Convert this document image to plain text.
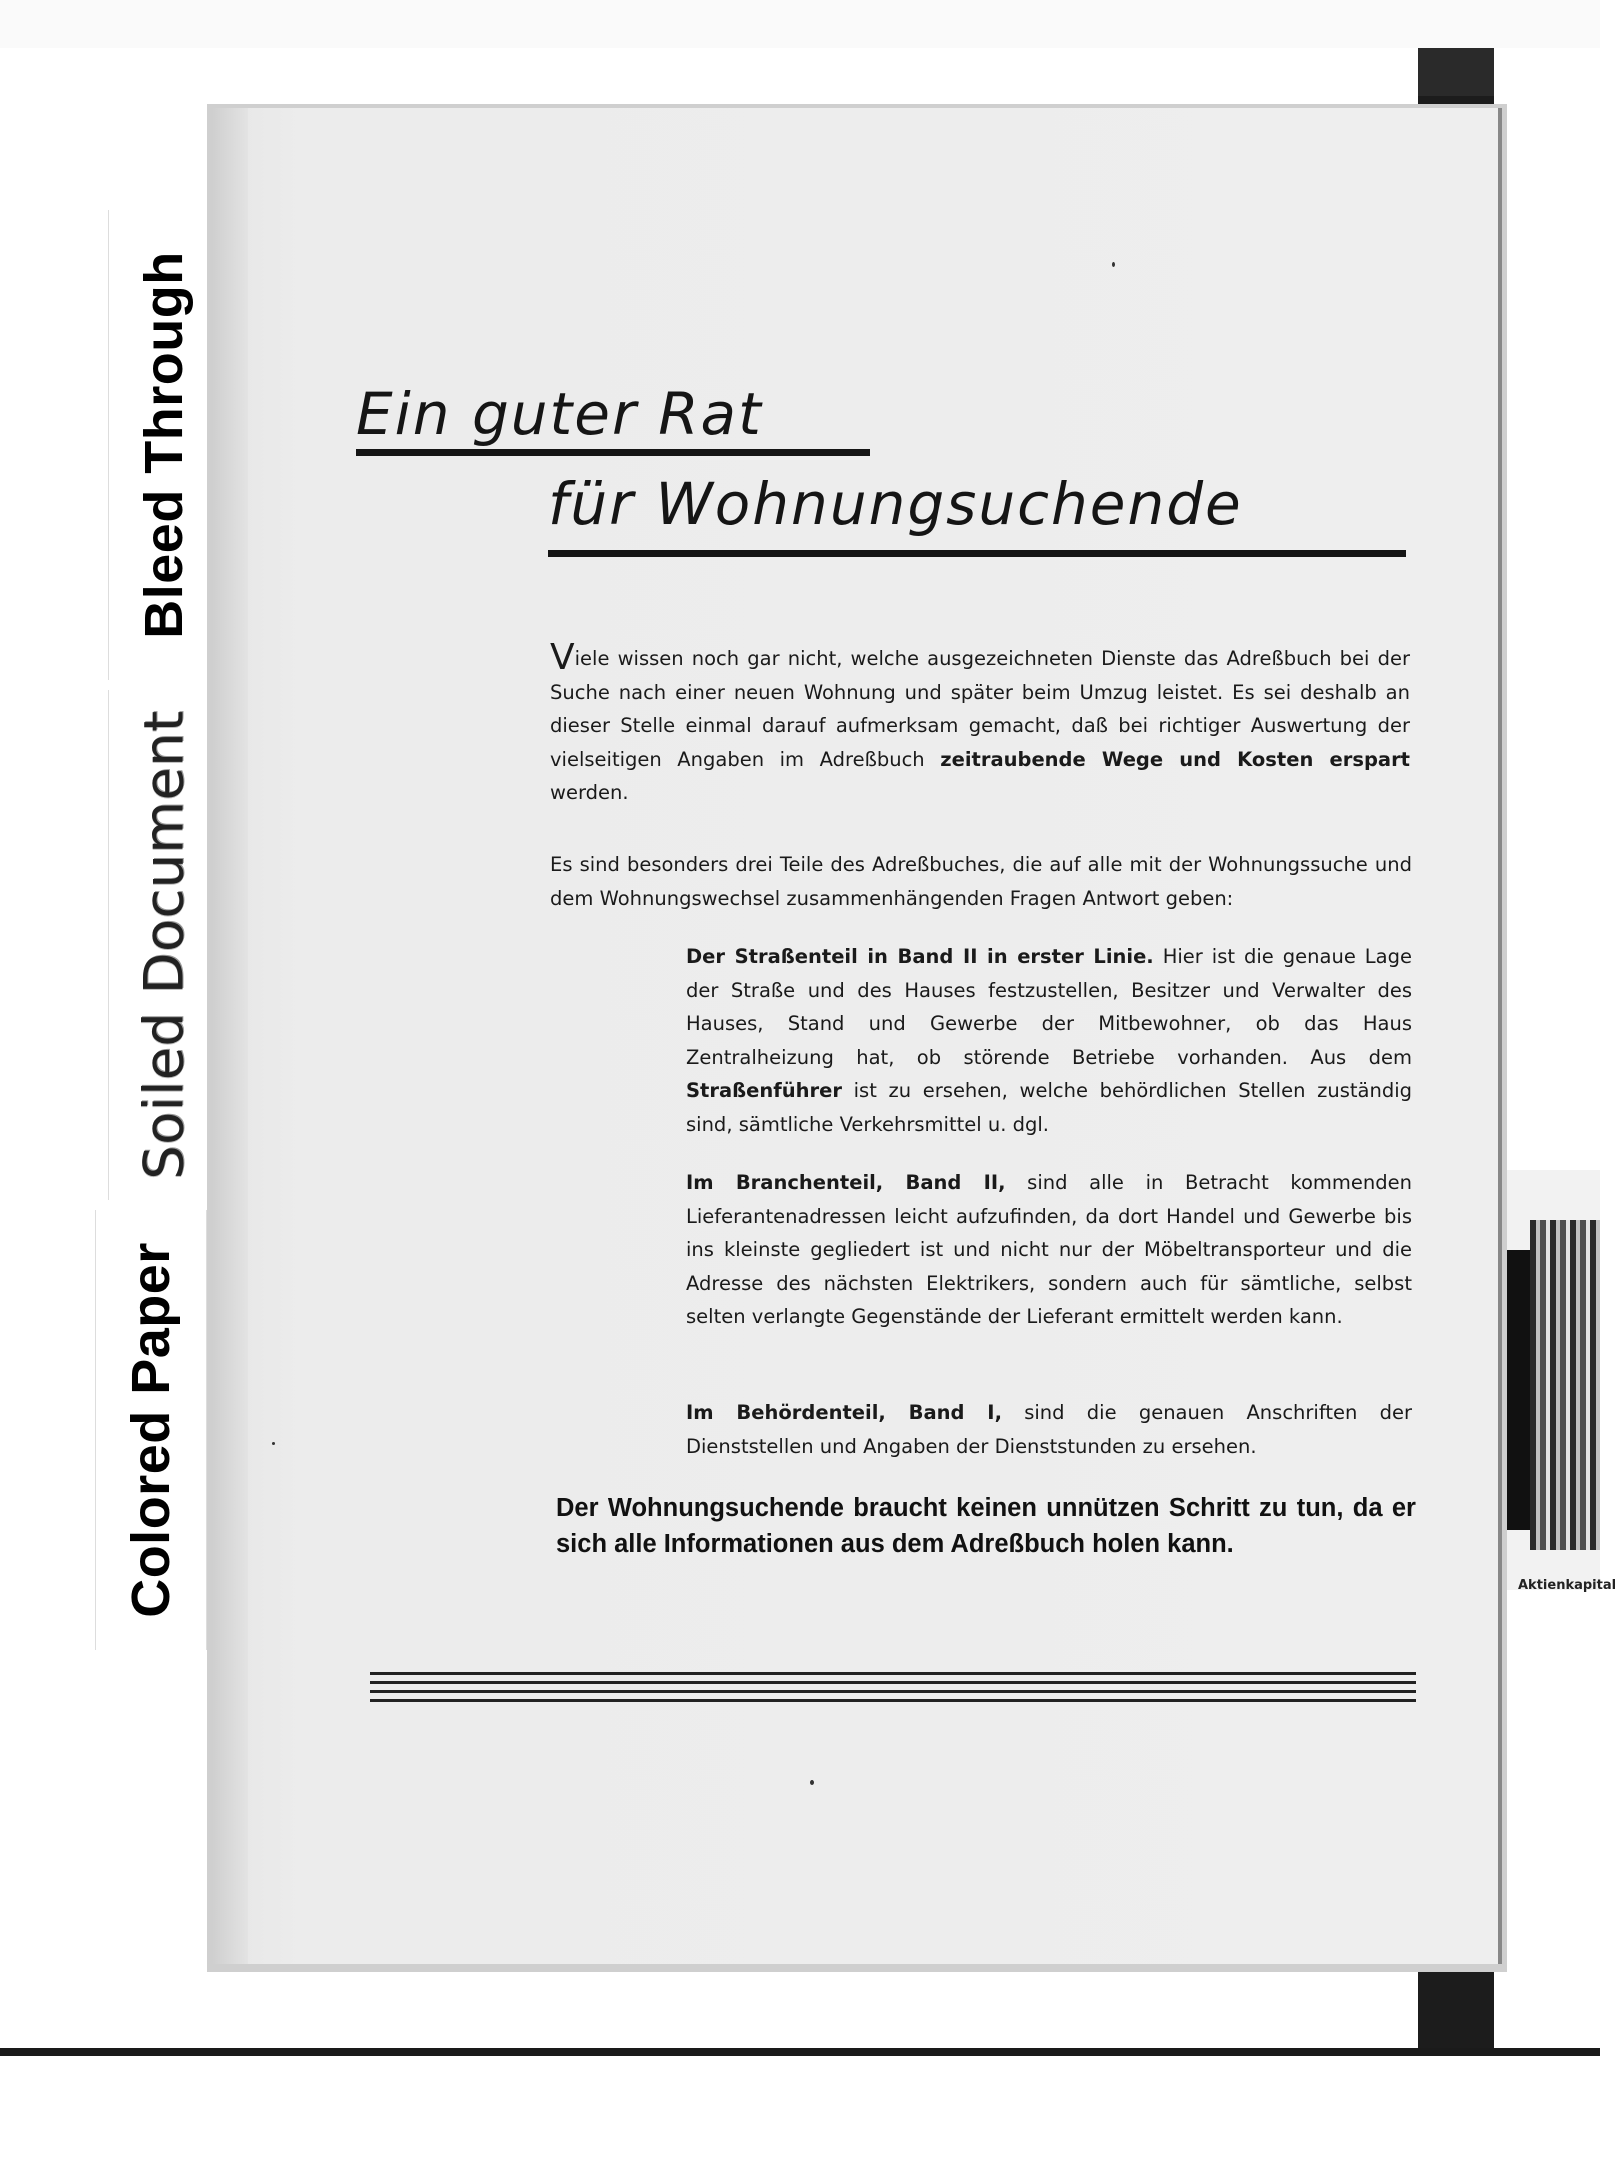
Aktienkapital
Bleed Through
Soiled Document
Colored Paper
Ein guter Rat
für Wohnungsuchende
Viele wissen noch gar nicht, welche ausgezeichneten Dienste das Adreßbuch bei der Suche nach einer neuen Wohnung und später beim Umzug leistet. Es sei deshalb an dieser Stelle einmal darauf aufmerksam gemacht, daß bei richtiger Auswertung der vielseitigen Angaben im Adreßbuch zeitraubende Wege und Kosten erspart werden.
Es sind besonders drei Teile des Adreßbuches, die auf alle mit der Wohnungssuche und dem Wohnungswechsel zusammenhängenden Fragen Antwort geben:
Der Straßenteil in Band II in erster Linie. Hier ist die genaue Lage der Straße und des Hauses festzustellen, Besitzer und Verwalter des Hauses, Stand und Gewerbe der Mitbewohner, ob das Haus Zentralheizung hat, ob störende Betriebe vorhanden. Aus dem Straßenführer ist zu ersehen, welche behördlichen Stellen zuständig sind, sämtliche Verkehrsmittel u. dgl.
Im Branchenteil, Band II, sind alle in Betracht kommenden Lieferantenadressen leicht aufzufinden, da dort Handel und Gewerbe bis ins kleinste gegliedert ist und nicht nur der Möbeltransporteur und die Adresse des nächsten Elektrikers, sondern auch für sämtliche, selbst selten verlangte Gegenstände der Lieferant ermittelt werden kann.
Im Behördenteil, Band I, sind die genauen Anschriften der Dienststellen und Angaben der Dienststunden zu ersehen.
Der Wohnungsuchende braucht keinen unnützen Schritt zu tun, da er sich alle Informationen aus dem Adreßbuch holen kann.
